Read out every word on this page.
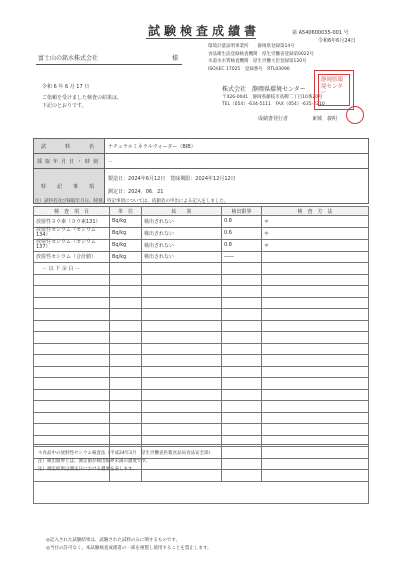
試験検査成績書	第 A540600035-001 号
令和6年6月24日
富士山の銘水株式会社	様
令和 6 年 6 月 17 日
ご依頼を受けました検査の結果は、
下記のとおりです。
環境計量証明事業所　　静岡県登録第14号
食品衛生法登録検査機関　厚生労働省登録第0022号
水道水水質検査機関　厚生労働大臣登録第120号
ISO/IEC 17025　登録番号　RTL03090
株式会社　静岡県環境センター
〒426-0041　静岡県藤枝市高柳二丁目10番20号
TEL（054）-634-5111　FAX（054）-635-2210
成績書発行者	東城　義明
静岡県環境センター
試　　料　　名	ナチュラルミネラルウォーター（BIB）
採取年月日・時刻	－
特　記　事　項	製造日：2024年6月12日　賞味期限：2024年12月12日
測定日：2024．06．21
注）試料名及び採取年月日、時刻、特記事項については、依頼者の申出による記入をしました。
検　査　項　目	単　位	結　　果	検出限界	検　査　方　法
放射性ヨウ素（ヨウ素131）	Bq/kg	検出されない	0.8	＊
放射性セシウム（セシウム134）	Bq/kg	検出されない	0.6	＊
放射性セシウム（セシウム137）	Bq/kg	検出されない	0.8	＊
放射性セシウム（合計値）	Bq/kg	検出されない	――	
－ 以 下 余 白 －				

＊食品中の放射性セシウム検査法（平成24年3月　厚生労働省医薬食品局食品安全部）
注）検出限界とは、測定値が検出限界未満の濃度です。
注）測定結果は測定日における濃度を表します。
◎記入された試験結果は、試験された試料のみに関するものです。
◎当社の許可なく、本試験検査成績書の一部を複製し使用することを禁止します。
